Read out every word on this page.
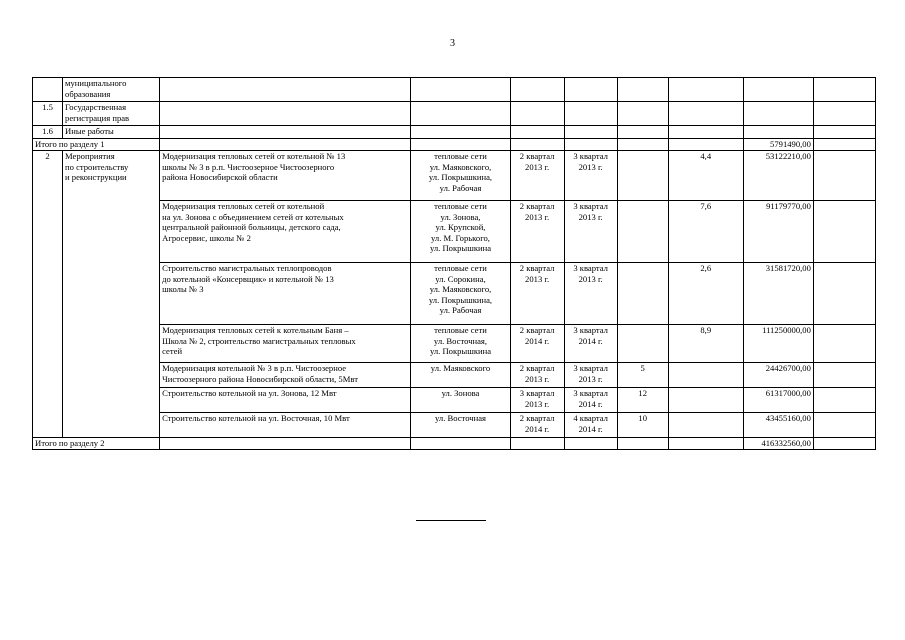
3
	муниципального
образования								
1.5	Государственная
регистрация прав								
1.6	Иные работы								
Итого по разделу 1								5791490,00	
2	Мероприятия
по строительству
и реконструкции	Модернизация тепловых сетей от котельной № 13
школы № 3 в р.п. Чистоозерное Чистоозерного
района Новосибирской области	тепловые сети
ул. Маяковского,
ул. Покрышкина,
ул. Рабочая	2 квартал
2013 г.	3 квартал
2013 г.		4,4	53122210,00	
		Модернизация тепловых сетей от котельной
на ул. Зонова с объединением сетей от котельных
центральной районной больницы, детского сада,
Агросервис, школы № 2	тепловые сети
ул. Зонова,
ул. Крупской,
ул. М. Горького,
ул. Покрышкина	2 квартал
2013 г.	3 квартал
2013 г.		7,6	91179770,00	
		Строительство магистральных теплопроводов
до котельной «Консервщик» и котельной № 13
школы № 3	тепловые сети
ул. Сорокина,
ул. Маяковского,
ул. Покрышкина,
ул. Рабочая	2 квартал
2013 г.	3 квартал
2013 г.		2,6	31581720,00	
		Модернизация тепловых сетей к котельным Баня –
Школа № 2, строительство магистральных тепловых
сетей	тепловые сети
ул. Восточная,
ул. Покрышкина	2 квартал
2014 г.	3 квартал
2014 г.		8,9	111250000,00	
		Модернизация котельной № 3 в р.п. Чистоозерное
Чистоозерного района Новосибирской области, 5Мвт	ул. Маяковского	2 квартал
2013 г.	3 квартал
2013 г.	5		24426700,00	
		Строительство котельной на ул. Зонова, 12 Мвт	ул. Зонова	3 квартал
2013 г.	3 квартал
2014 г.	12		61317000,00	
		Строительство котельной на ул. Восточная, 10 Мвт	ул. Восточная	2 квартал
2014 г.	4 квартал
2014 г.	10		43455160,00	
Итого по разделу 2								416332560,00	
